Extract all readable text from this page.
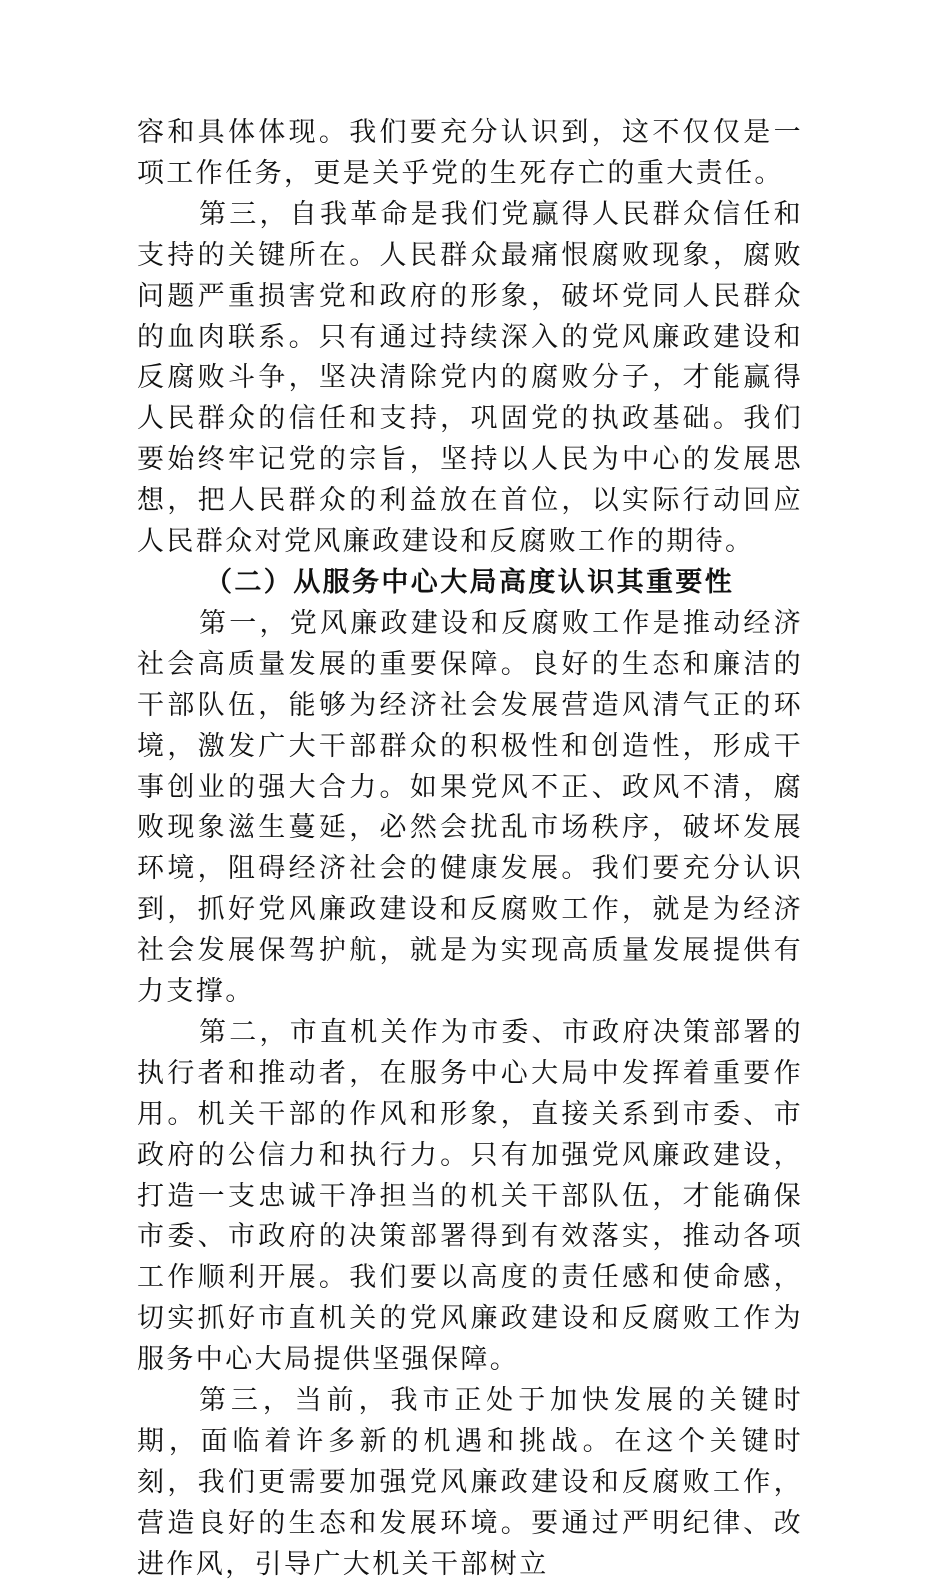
容和具体体现。我们要充分认识到，这不仅仅是一项工作任务，更是关乎党的生死存亡的重大责任。

第三，自我革命是我们党赢得人民群众信任和支持的关键所在。人民群众最痛恨腐败现象，腐败问题严重损害党和政府的形象，破坏党同人民群众的血肉联系。只有通过持续深入的党风廉政建设和反腐败斗争，坚决清除党内的腐败分子，才能赢得人民群众的信任和支持，巩固党的执政基础。我们要始终牢记党的宗旨，坚持以人民为中心的发展思想，把人民群众的利益放在首位，以实际行动回应人民群众对党风廉政建设和反腐败工作的期待。

（二）从服务中心大局高度认识其重要性

第一，党风廉政建设和反腐败工作是推动经济社会高质量发展的重要保障。良好的生态和廉洁的干部队伍，能够为经济社会发展营造风清气正的环境，激发广大干部群众的积极性和创造性，形成干事创业的强大合力。如果党风不正、政风不清，腐败现象滋生蔓延，必然会扰乱市场秩序，破坏发展环境，阻碍经济社会的健康发展。我们要充分认识到，抓好党风廉政建设和反腐败工作，就是为经济社会发展保驾护航，就是为实现高质量发展提供有力支撑。

第二，市直机关作为市委、市政府决策部署的执行者和推动者，在服务中心大局中发挥着重要作用。机关干部的作风和形象，直接关系到市委、市政府的公信力和执行力。只有加强党风廉政建设，打造一支忠诚干净担当的机关干部队伍，才能确保市委、市政府的决策部署得到有效落实，推动各项工作顺利开展。我们要以高度的责任感和使命感，切实抓好市直机关的党风廉政建设和反腐败工作为服务中心大局提供坚强保障。

第三，当前，我市正处于加快发展的关键时期，面临着许多新的机遇和挑战。在这个关键时刻，我们更需要加强党风廉政建设和反腐败工作，营造良好的生态和发展环境。要通过严明纪律、改进作风，引导广大机关干部树立
